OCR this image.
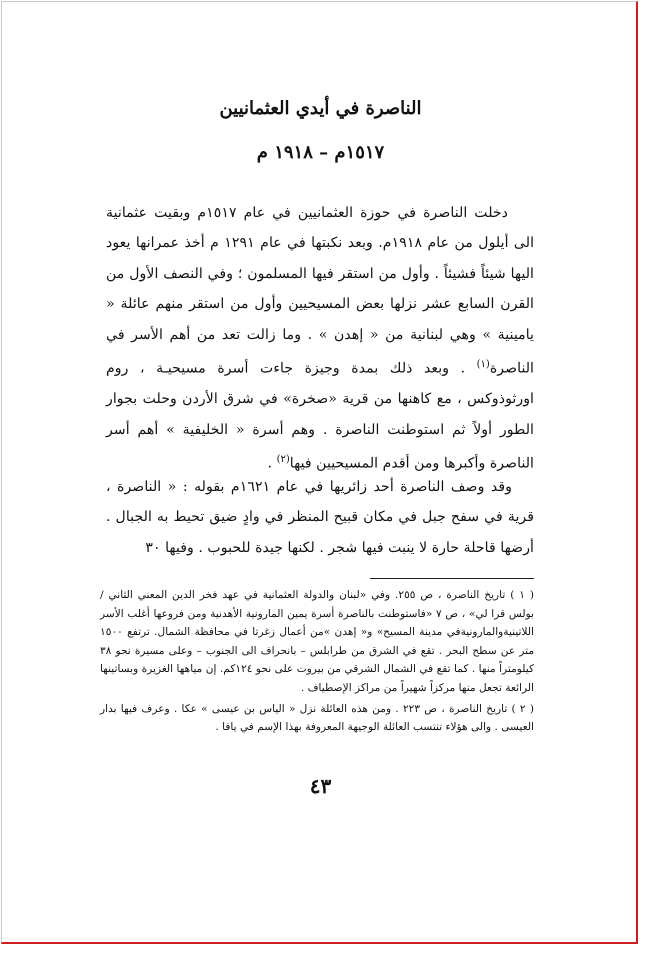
الناصرة في أيدي العثمانيين
١٥١٧م – ١٩١٨ م

دخلت الناصرة في حوزة العثمانيين في عام ١٥١٧م وبقيت عثمانية الى أيلول من عام ١٩١٨م. وبعد نكبتها في عام ١٢٩١ م أخذ عمرانها يعود اليها شيئاً فشيئاً . وأول من استقر فيها المسلمون ؛ وفي النصف الأول من القرن السابع عشر نزلها بعض المسيحيين وأول من استقر منهم عائلة « يامينية » وهي لبنانية من « إهدن » . وما زالت تعد من أهم الأسر في الناصرة$^{(١)}$ . وبعد ذلك بمدة وجيزة جاءت أسرة مسيحيـة ، روم اورثوذوكس ، مع كاهنها من قرية «صخرة» في شرق الأردن وحلت بجوار الطور أولاً ثم استوطنت الناصرة . وهم أسرة « الخليفية » أهم أسر الناصرة وأكبرها ومن أقدم المسيحيين فيها$^{(٢)}$ .

وقد وصف الناصرة أحد زائريها في عام ١٦٢١م بقوله : « الناصرة ، قرية في سفح جبل في مكان قبيح المنظر في وادٍ ضيق تحيط به الجبال . أرضها قاحلة حارة لا ينبت فيها شجر . لكنها جيدة للحبوب . وفيها ٣٠

( ١ ) تاريخ الناصرة ، ص ٢٥٥. وفي «لبنان والدولة العثمانية في عهد فخر الدين المعني الثاني / بولس قرا لي» ، ص ٧ «فاستوطنت بالناصرة أسرة يمين المارونية الأهدنية ومن فروعها أغلب الأسر اللاتينيةوالمارونيةفي مدينة المسيح» و« إهدن »من أعمال زغرتا في محافظة الشمال. ترتفع ١٥٠٠ متر عن سطح البحر . تقع في الشرق من طرابلس – بانحراف الى الجنوب – وعلى مسيرة نحو ٣٨ كيلومتراً منها . كما تقع في الشمال الشرقي من بيروت على نحو ١٢٤كم. إن مياهها الغزيرة وبساتينها الرائعة تجعل منها مركزاً شهيراً من مراكز الإصطياف .

( ٢ ) تاريخ الناصرة ، ص ٢٢٣ . ومن هذه العائلة نزل « الياس بن عيسى » عكا . وعرف فيها بدار العيسى . والى هؤلاء تنتسب العائلة الوجيهة المعروفة بهذا الإسم في يافا .

٤٣
